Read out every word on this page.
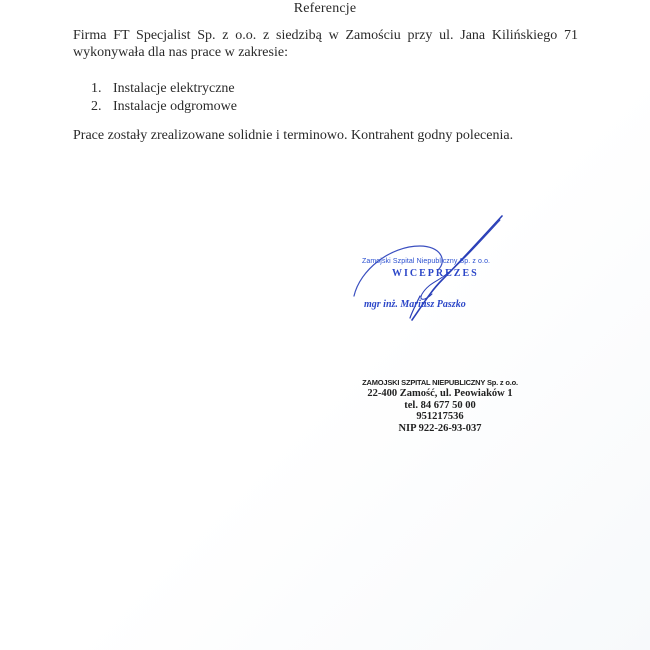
Referencje
Firma FT Specjalist Sp. z o.o. z siedzibą w Zamościu przy ul. Jana Kilińskiego 71
wykonywała dla nas prace w zakresie:
1. Instalacje elektryczne
2. Instalacje odgromowe
Prace zostały zrealizowane solidnie i terminowo. Kontrahent godny polecenia.
Zamojski Szpital Niepubliczny Sp. z o.o.
WICEPREZES
mgr inż. Mariusz Paszko
ZAMOJSKI SZPITAL NIEPUBLICZNY Sp. z o.o.
22-400 Zamość, ul. Peowiaków 1
tel. 84 677 50 00
951217536
NIP 922-26-93-037
